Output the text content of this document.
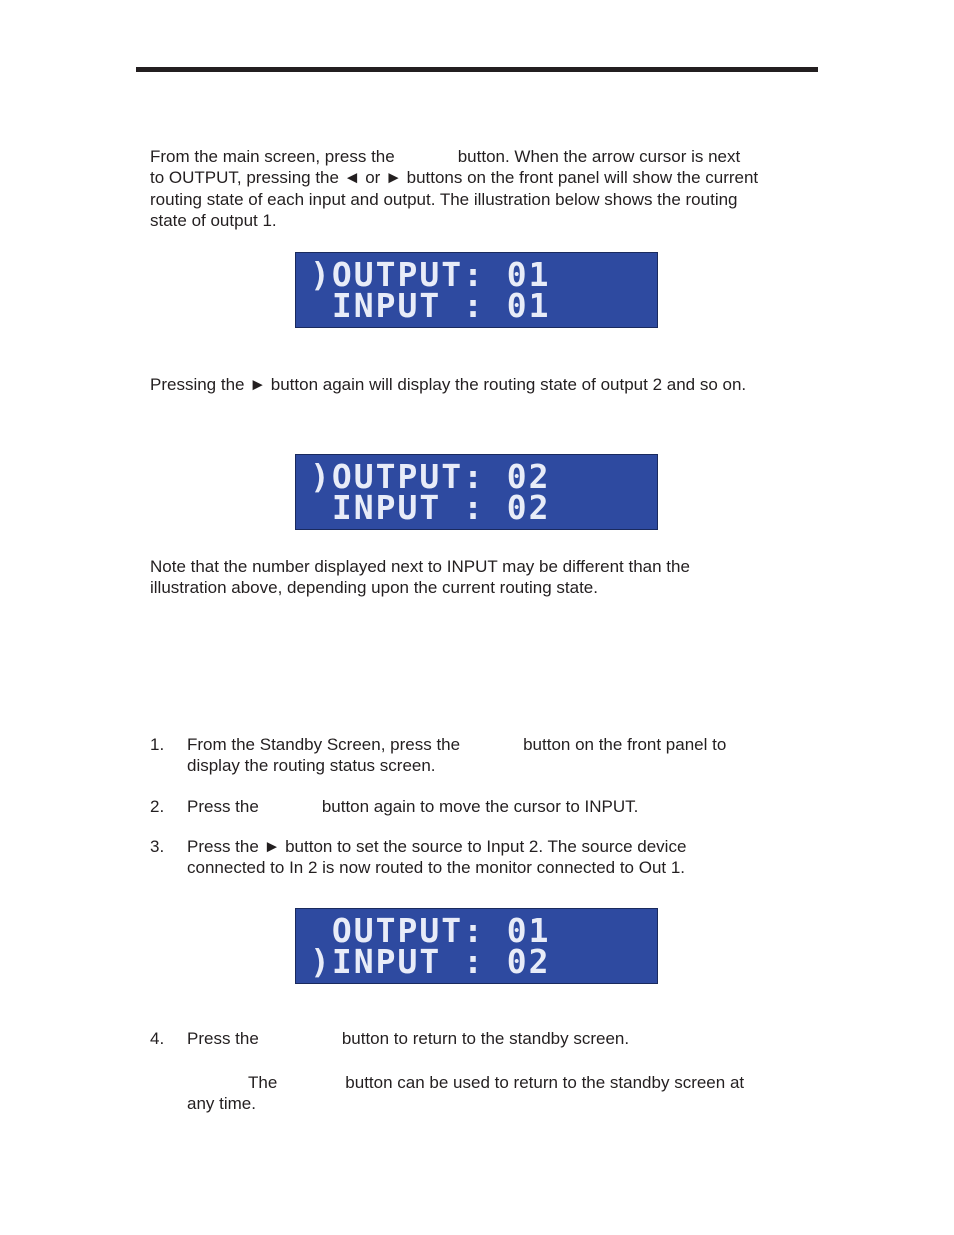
From the main screen, press the	button. When the arrow cursor is next
to OUTPUT, pressing the ◄ or ► buttons on the front panel will show the current
routing state of each input and output. The illustration below shows the routing
state of output 1.
)OUTPUT: 01
INPUT : 01
Pressing the ► button again will display the routing state of output 2 and so on.
)OUTPUT: 02
INPUT : 02
Note that the number displayed next to INPUT may be different than the
illustration above, depending upon the current routing state.
1. From the Standby Screen, press the	button on the front panel to
display the routing status screen.
2. Press the	button again to move the cursor to INPUT.
3. Press the ► button to set the source to Input 2. The source device
connected to In 2 is now routed to the monitor connected to Out 1.
OUTPUT: 01
)INPUT : 02
4. Press the	button to return to the standby screen.
The	button can be used to return to the standby screen at
any time.
